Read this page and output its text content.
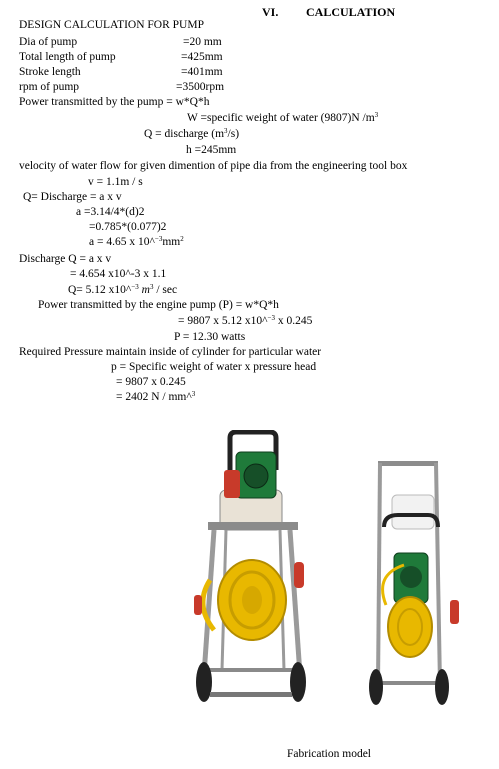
VI. CALCULATION
DESIGN CALCULATION FOR PUMP
Dia of pump	=20 mm
Total length of pump	=425mm
Stroke length	=401mm
rpm of pump	=3500rpm
Power transmitted by the pump = w*Q*h
W =specific weight of water (9807)N $/m^3$
Q = discharge $(m^3/s)$
h =245mm
velocity of water flow for given dimention of pipe dia from the engineering tool box
v = 1.1m / s
Q= Discharge = a x v
a =3.14/4*(d)2
=0.785*(0.077)2
a = 4.65 x $10\^{}^{-3}mm^2$
Discharge Q = a x v
= 4.654 x10^-3 x 1.1
Q= 5.12 x10^$^{-3}$ $m^3$ / sec
Power transmitted by the engine pump (P) = w*Q*h
= 9807 x 5.12 x10^$^{-3}$ x 0.245
P = 12.30 watts
Required Pressure maintain inside of cylinder for particular water
p = Specific weight of water x pressure head
= 9807 x 0.245
= 2402 N / mm^$^3$
Fabrication model
